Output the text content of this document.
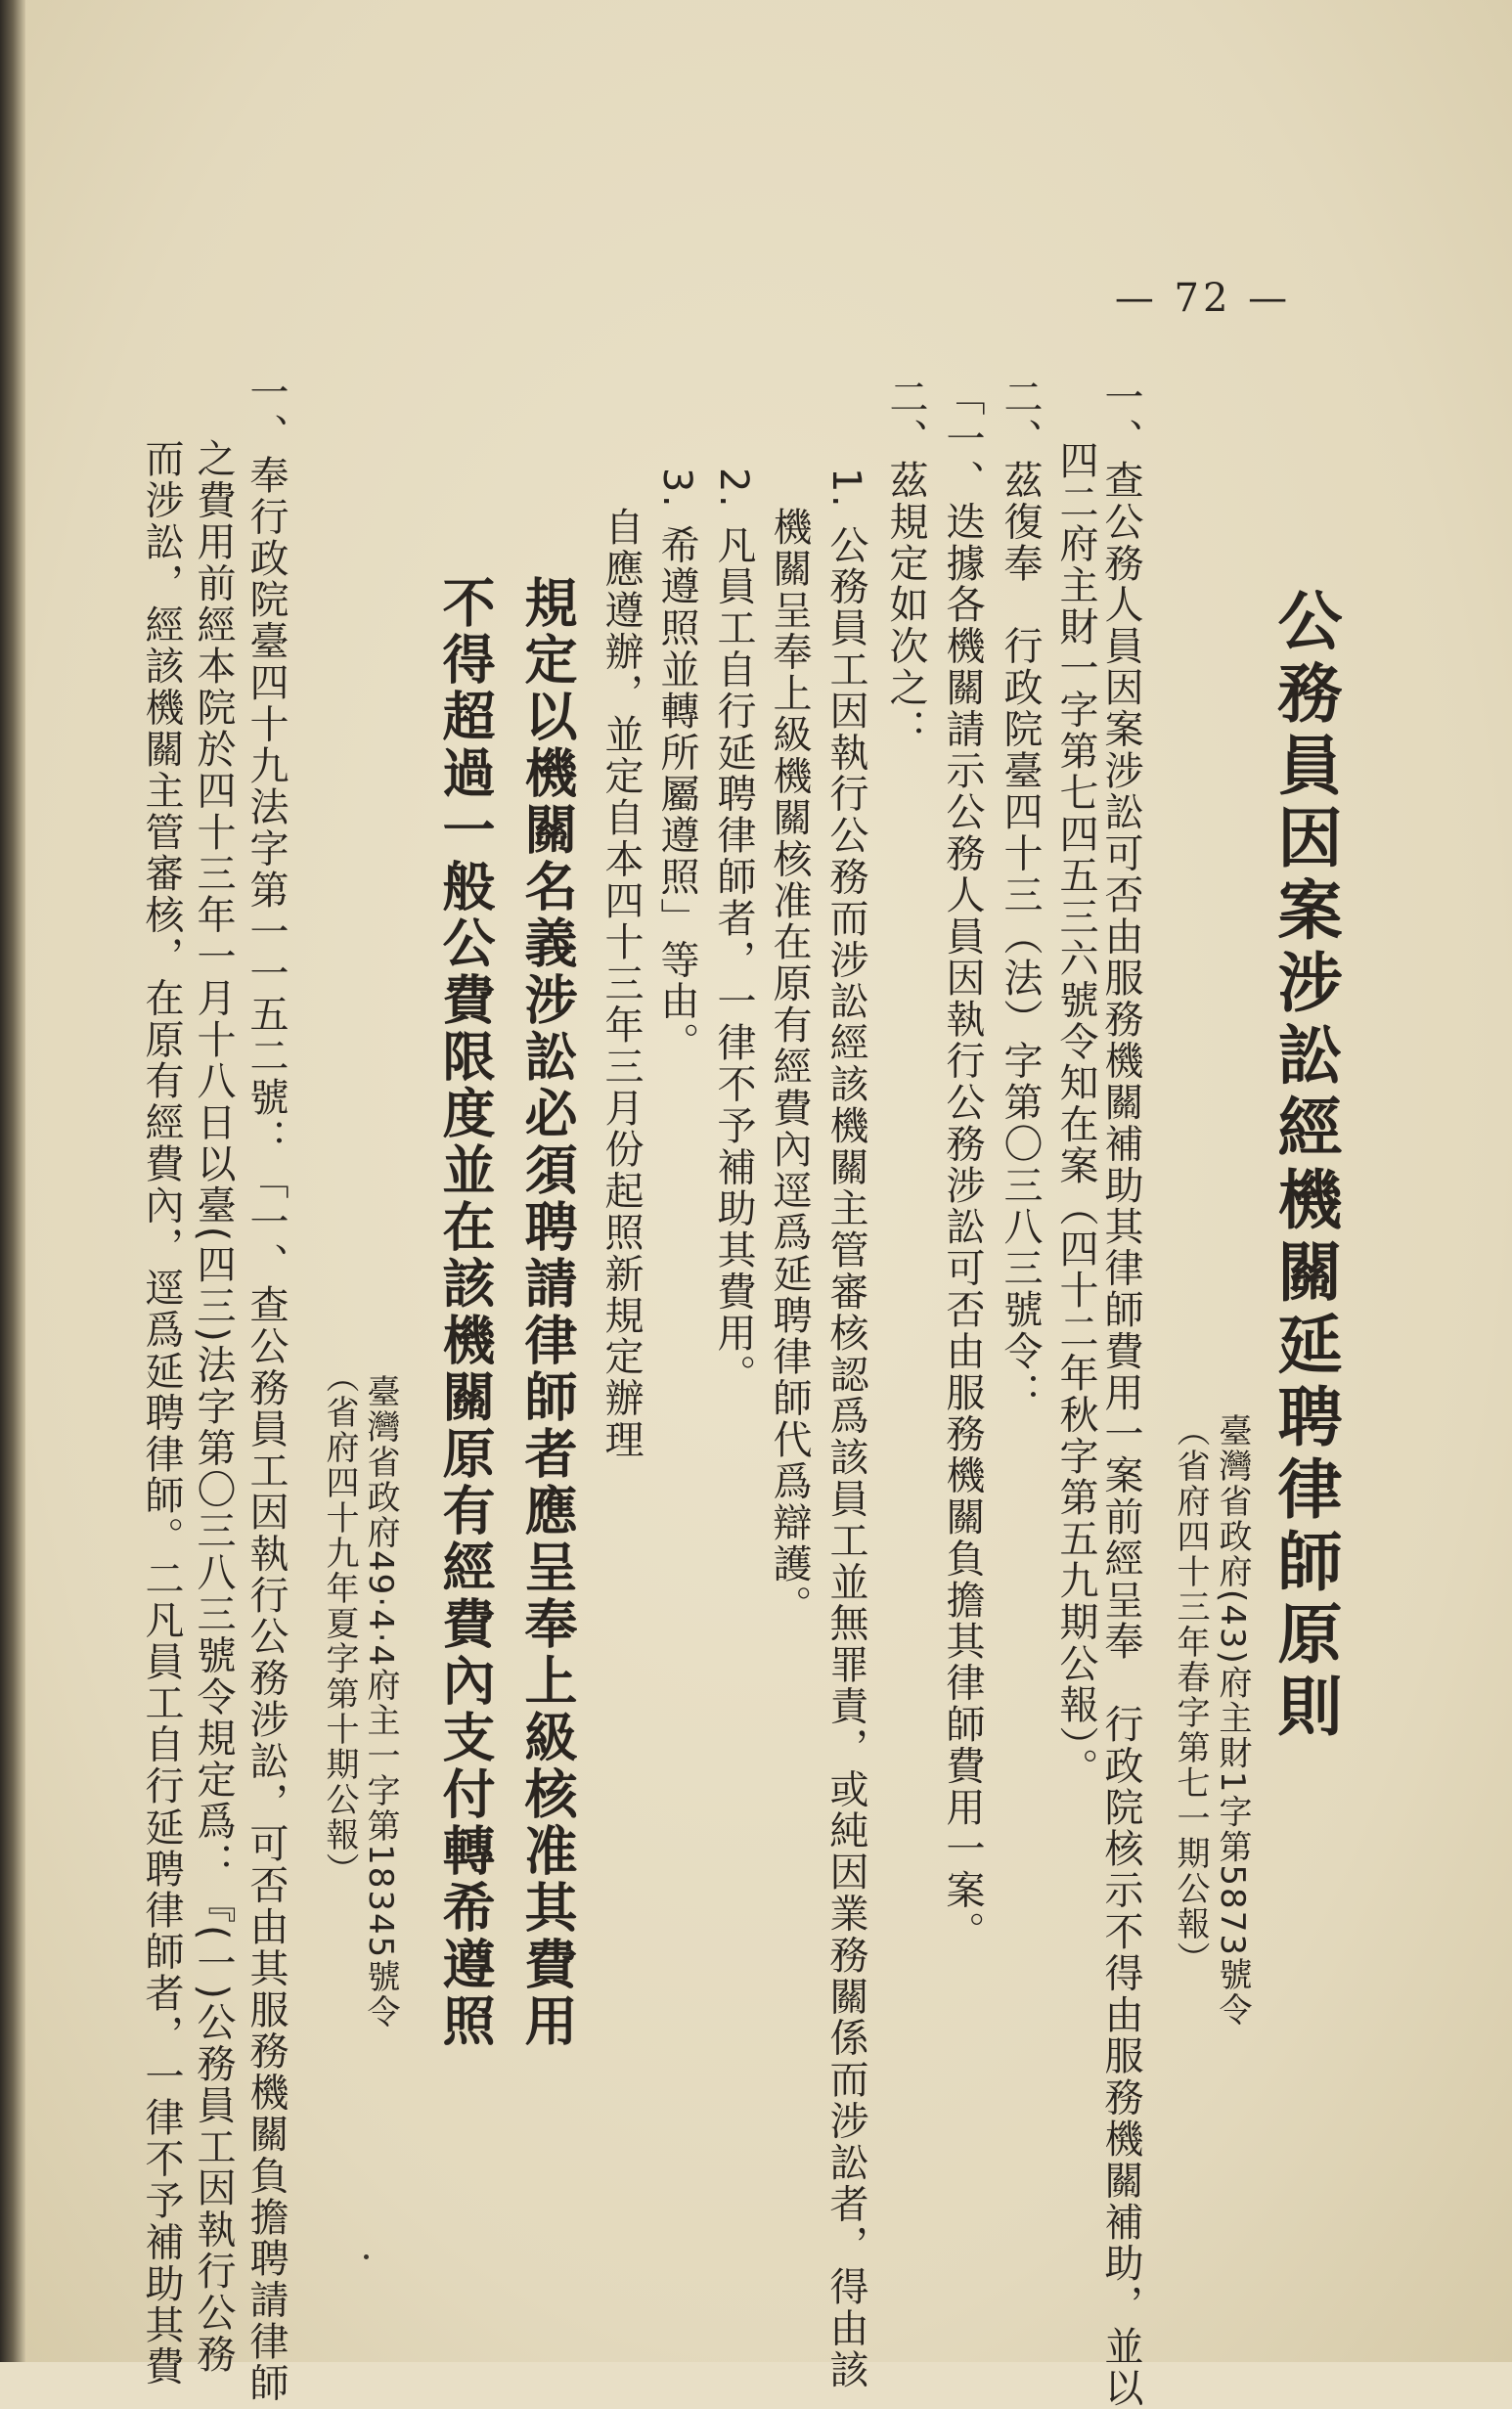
— 72 —
公務員因案涉訟經機關延聘律師原則
臺灣省政府(43)府主財1字第5873號令
（省府四十三年春字第七一期公報）
一、查公務人員因案涉訟可否由服務機關補助其律師費用一案前經呈奉　行政院核示不得由服務機關補助，並以
四二府主財一字第七四五三六號令知在案（四十二年秋字第五九期公報）。
二、茲復奉　行政院臺四十三（法）字第〇三八三號令：
「一、迭據各機關請示公務人員因執行公務涉訟可否由服務機關負擔其律師費用一案。
二、茲規定如次之：
1. 公務員工因執行公務而涉訟經該機關主管審核認爲該員工並無罪責，或純因業務關係而涉訟者，得由該
機關呈奉上級機關核准在原有經費內逕爲延聘律師代爲辯護。
2. 凡員工自行延聘律師者，一律不予補助其費用。
3. 希遵照並轉所屬遵照」等由。
自應遵辦，並定自本四十三年三月份起照新規定辦理
規定以機關名義涉訟必須聘請律師者應呈奉上級核准其費用
不得超過一般公費限度並在該機關原有經費內支付轉希遵照
臺灣省政府49‧4‧4府主一字第18345號令
（省府四十九年夏字第十期公報）
一、奉行政院臺四十九法字第一一五二號：「一、查公務員工因執行公務涉訟，可否由其服務機關負擔聘請律師
之費用前經本院於四十三年一月十八日以臺(四三)法字第〇三八三號令規定爲：『(一)公務員工因執行公務
而涉訟，經該機關主管審核，在原有經費內，逕爲延聘律師。二凡員工自行延聘律師者，一律不予補助其費
